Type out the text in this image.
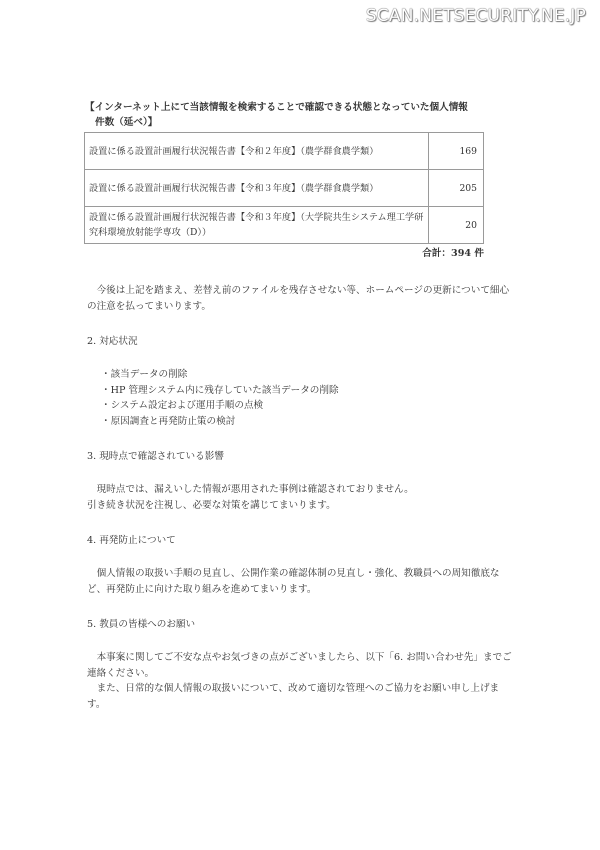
SCAN.NETSECURITY.NE.JP
【インターネット上にて当該情報を検索することで確認できる状態となっていた個人情報
件数（延べ）】
設置に係る設置計画履行状況報告書【令和２年度】（農学群食農学類）	169
設置に係る設置計画履行状況報告書【令和３年度】（農学群食農学類）	205
設置に係る設置計画履行状況報告書【令和３年度】（大学院共生システム理工学研究科環境放射能学専攻（D））	20
合計：394 件
今後は上記を踏まえ、差替え前のファイルを残存させない等、ホームページの更新について細心の注意を払ってまいります。
2. 対応状況
・ 該当データの削除
・ HP 管理システム内に残存していた該当データの削除
・ システム設定および運用手順の点検
・ 原因調査と再発防止策の検討
3. 現時点で確認されている影響

現時点では、漏えいした情報が悪用された事例は確認されておりません。

引き続き状況を注視し、必要な対策を講じてまいります。

4. 再発防止について

個人情報の取扱い手順の見直し、公開作業の確認体制の見直し・強化、教職員への周知徹底など、再発防止に向けた取り組みを進めてまいります。

5. 教員の皆様へのお願い

本事案に関してご不安な点やお気づきの点がございましたら、以下「6. お問い合わせ先」までご連絡ください。

また、日常的な個人情報の取扱いについて、改めて適切な管理へのご協力をお願い申し上げます。
